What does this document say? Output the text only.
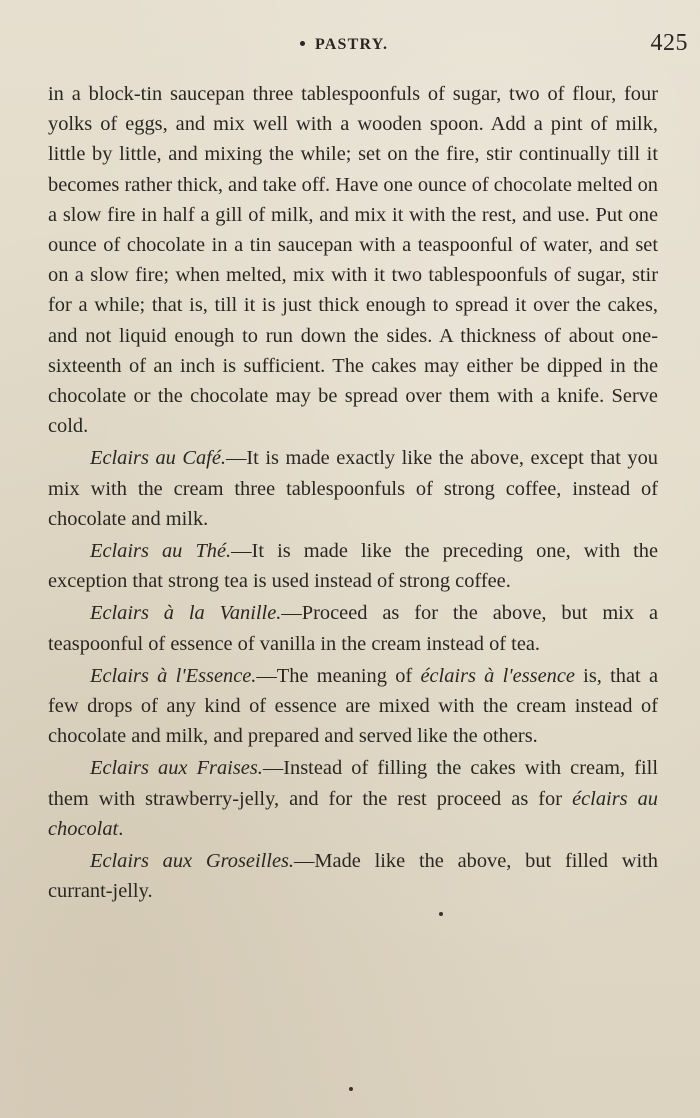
PASTRY.	425

in a block-tin saucepan three tablespoonfuls of sugar, two of flour, four yolks of eggs, and mix well with a wooden spoon. Add a pint of milk, little by little, and mixing the while; set on the fire, stir continually till it becomes rather thick, and take off. Have one ounce of chocolate melted on a slow fire in half a gill of milk, and mix it with the rest, and use. Put one ounce of chocolate in a tin saucepan with a teaspoonful of water, and set on a slow fire; when melted, mix with it two tablespoonfuls of sugar, stir for a while; that is, till it is just thick enough to spread it over the cakes, and not liquid enough to run down the sides. A thickness of about one-sixteenth of an inch is sufficient. The cakes may either be dipped in the chocolate or the chocolate may be spread over them with a knife. Serve cold.

Eclairs au Café.—It is made exactly like the above, except that you mix with the cream three tablespoonfuls of strong coffee, instead of chocolate and milk.

Eclairs au Thé.—It is made like the preceding one, with the exception that strong tea is used instead of strong coffee.

Eclairs à la Vanille.—Proceed as for the above, but mix a teaspoonful of essence of vanilla in the cream instead of tea.

Eclairs à l'Essence.—The meaning of éclairs à l'essence is, that a few drops of any kind of essence are mixed with the cream instead of chocolate and milk, and prepared and served like the others.

Eclairs aux Fraises.—Instead of filling the cakes with cream, fill them with strawberry-jelly, and for the rest proceed as for éclairs au chocolat.

Eclairs aux Groseilles.—Made like the above, but filled with currant-jelly.
